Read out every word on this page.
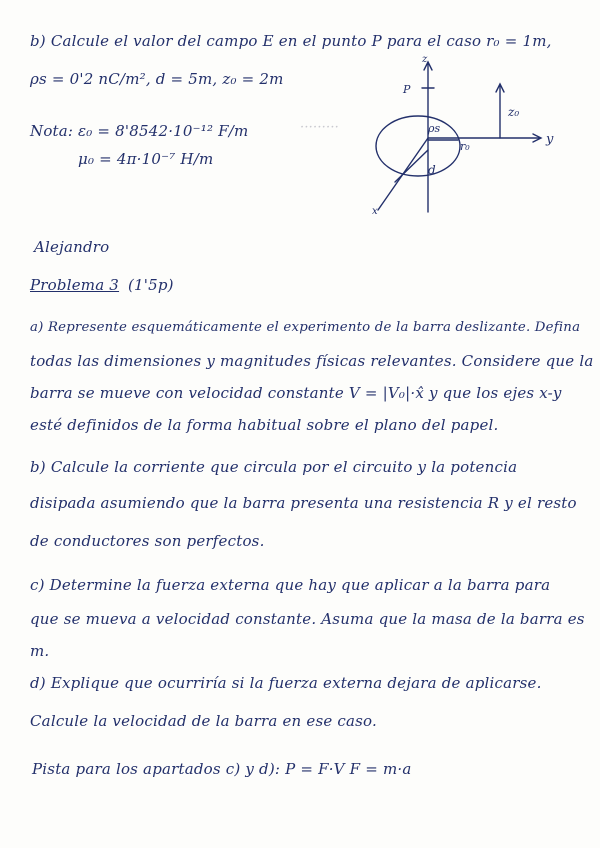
·········
b) Calcule el valor del campo E en el punto P para el caso r₀ = 1m,
ρs = 0'2 nC/m², d = 5m, z₀ = 2m
Nota: ε₀ = 8'8542·10⁻¹² F/m
μ₀ = 4π·10⁻⁷ H/m
z
y
x
P
z₀
ρs
r₀
d
Alejandro
Problema 3 (1'5p)
a) Represente esquemáticamente el experimento de la barra deslizante. Defina
todas las dimensiones y magnitudes físicas relevantes. Considere que la
barra se mueve con velocidad constante V = |V₀|·x̂ y que los ejes x-y
esté definidos de la forma habitual sobre el plano del papel.
b) Calcule la corriente que circula por el circuito y la potencia
disipada asumiendo que la barra presenta una resistencia R y el resto
de conductores son perfectos.
c) Determine la fuerza externa que hay que aplicar a la barra para
que se mueva a velocidad constante. Asuma que la masa de la barra es
m.
d) Explique que ocurriría si la fuerza externa dejara de aplicarse.
Calcule la velocidad de la barra en ese caso.
Pista para los apartados c) y d): P = F·V F = m·a
